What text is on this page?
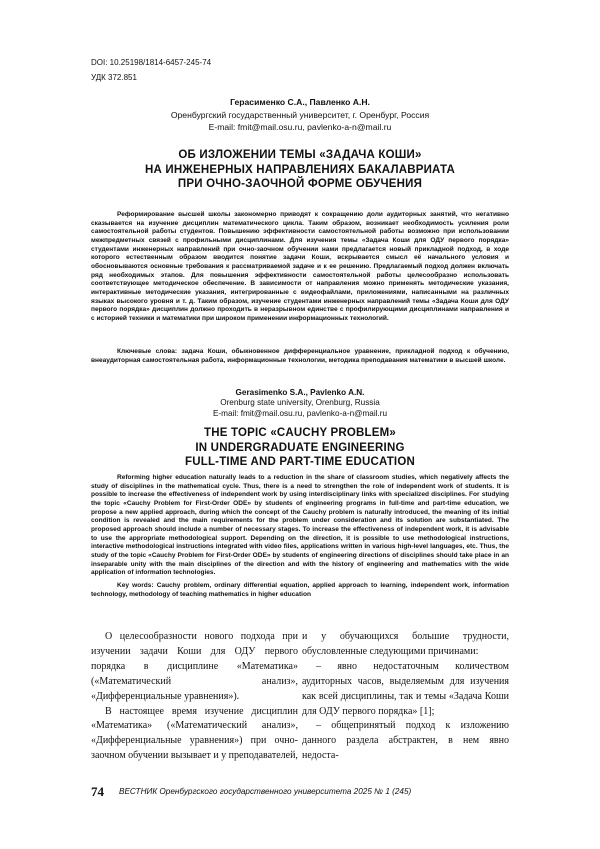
DOI: 10.25198/1814-6457-245-74
УДК 372.851
Герасименко С.А., Павленко А.Н.
Оренбургский государственный университет, г. Оренбург, Россия
E-mail: fmit@mail.osu.ru, pavlenko-a-n@mail.ru
ОБ ИЗЛОЖЕНИИ ТЕМЫ «ЗАДАЧА КОШИ»
НА ИНЖЕНЕРНЫХ НАПРАВЛЕНИЯХ БАКАЛАВРИАТА
ПРИ ОЧНО-ЗАОЧНОЙ ФОРМЕ ОБУЧЕНИЯ

Реформирование высшей школы закономерно приводят к сокращению доли аудиторных занятий, что негативно сказывается на изучение дисциплин математического цикла. Таким образом, возникает необходимость усиления роли самостоятельной работы студентов. Повышению эффективности самостоятельной работы возможно при использовании межпредметных связей с профильными дисциплинами. Для изучения темы «Задача Коши для ОДУ первого порядка» студентами инженерных направлений при очно-заочном обучении нами предлагается новый прикладной подход, в ходе которого естественным образом вводится понятие задачи Коши, вскрывается смысл её начального условия и обосновываются основные требования к рассматриваемой задаче и к ее решению. Предлагаемый подход должен включать ряд необходимых этапов. Для повышения эффективности самостоятельной работы целесообразно использовать соответствующее методическое обеспечение. В зависимости от направления можно применять методические указания, интерактивные методические указания, интегрированные с видеофайлами, приложениями, написанными на различных языках высокого уровня и т. д. Таким образом, изучение студентами инженерных направлений темы «Задача Коши для ОДУ первого порядка» дисциплин должно проходить в неразрывном единстве с профилирующими дисциплинами направления и с историей техники и математики при широком применении информационных технологий.

Ключевые слова: задача Коши, обыкновенное дифференциальное уравнение, прикладной подход к обучению, внеаудиторная самостоятельная работа, информационные технологии, методика преподавания математики в высшей школе.

Gerasimenko S.A., Pavlenko A.N.
Orenburg state university, Orenburg, Russia
E-mail: fmit@mail.osu.ru, pavlenko-a-n@mail.ru
THE TOPIC «CAUCHY PROBLEM»
IN UNDERGRADUATE ENGINEERING
FULL-TIME AND PART-TIME EDUCATION

Reforming higher education naturally leads to a reduction in the share of classroom studies, which negatively affects the study of disciplines in the mathematical cycle. Thus, there is a need to strengthen the role of independent work of students. It is possible to increase the effectiveness of independent work by using interdisciplinary links with specialized disciplines. For studying the topic «Cauchy Problem for First-Order ODE» by students of engineering programs in full-time and part-time education, we propose a new applied approach, during which the concept of the Cauchy problem is naturally introduced, the meaning of its initial condition is revealed and the main requirements for the problem under consideration and its solution are substantiated. The proposed approach should include a number of necessary stages. To increase the effectiveness of independent work, it is advisable to use the appropriate methodological support. Depending on the direction, it is possible to use methodological instructions, interactive methodological instructions integrated with video files, applications written in various high-level languages, etc. Thus, the study of the topic «Cauchy Problem for First-Order ODE» by students of engineering directions of disciplines should take place in an inseparable unity with the main disciplines of the direction and with the history of engineering and mathematics with the wide application of information technologies.

Key words: Cauchy problem, ordinary differential equation, applied approach to learning, independent work, information technology, methodology of teaching mathematics in higher education

О целесообразности нового подхода при изучении задачи Коши для ОДУ первого порядка в дисциплине «Математика» («Математический анализ», «Дифференциальные уравнения»).

В настоящее время изучение дисциплин «Математика» («Математический анализ», «Дифференциальные уравнения») при очно-заочном обучении вызывает и у преподавателей,

и у обучающихся большие трудности, обусловленные следующими причинами:

– явно недостаточным количеством аудиторных часов, выделяемым для изучения как всей дисциплины, так и темы «Задача Коши для ОДУ первого порядка» [1];

– общепринятый подход к изложению данного раздела абстрактен, в нем явно недоста-

74 ВЕСТНИК Оренбургского государственного университета 2025 № 1 (245)
